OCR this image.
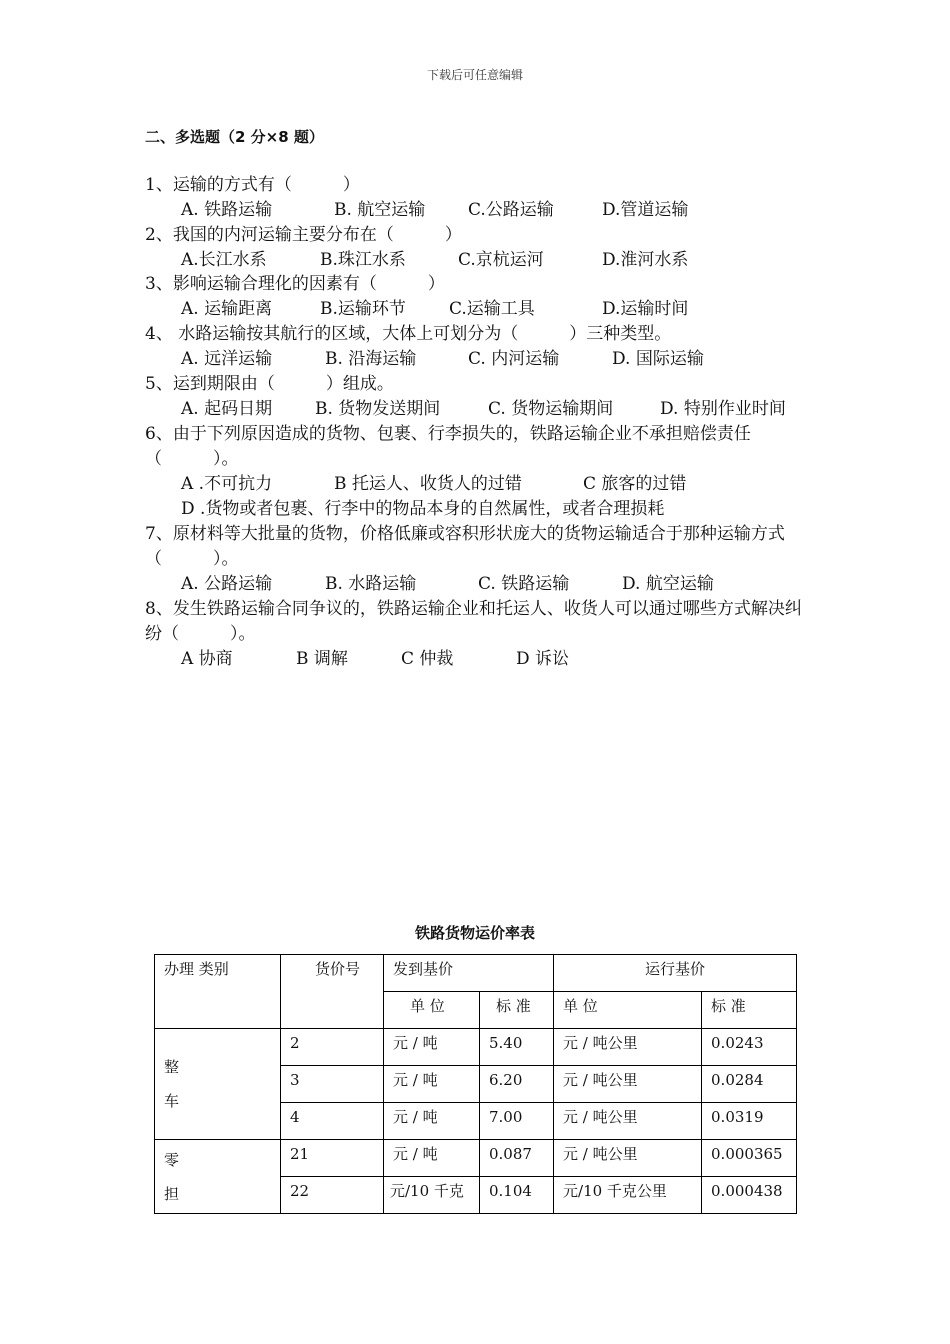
下载后可任意编辑
二、多选题（2 分×8 题）
1、运输的方式有（　　　）
A. 铁路运输	B. 航空运输	C.公路运输	D.管道运输
2、我国的内河运输主要分布在（　　　）
A.长江水系	B.珠江水系	C.京杭运河	D.淮河水系
3、影响运输合理化的因素有（　　　）
A. 运输距离	B.运输环节	C.运输工具	D.运输时间
4、 水路运输按其航行的区域，大体上可划分为（　　　）三种类型。
A. 远洋运输	B. 沿海运输	C. 内河运输	D. 国际运输
5、运到期限由（　　　）组成。
A. 起码日期	B. 货物发送期间	C. 货物运输期间	D. 特别作业时间
6、由于下列原因造成的货物、包裹、行李损失的，铁路运输企业不承担赔偿责任（　　　）。
A .不可抗力	B 托运人、收货人的过错	C 旅客的过错
D .货物或者包裹、行李中的物品本身的自然属性，或者合理损耗
7、原材料等大批量的货物，价格低廉或容积形状庞大的货物运输适合于那种运输方式（　　　）。
A. 公路运输	B. 水路运输	C. 铁路运输	D. 航空运输
8、发生铁路运输合同争议的，铁路运输企业和托运人、收货人可以通过哪些方式解决纠纷（　　　）。
A 协商	B 调解	C 仲裁	D 诉讼
铁路货物运价率表
办理 类别	货价号	发到基价		运行基价	
		单 位	标 准	单 位	标 准

整
车	2	元 / 吨	5.40	元 / 吨公里	0.0243
	3	元 / 吨	6.20	元 / 吨公里	0.0284
	4	元 / 吨	7.00	元 / 吨公里	0.0319

零
担	21	元 / 吨	0.087	元 / 吨公里	0.000365
	22	元/10 千克	0.104	元/10 千克公里	0.000438
